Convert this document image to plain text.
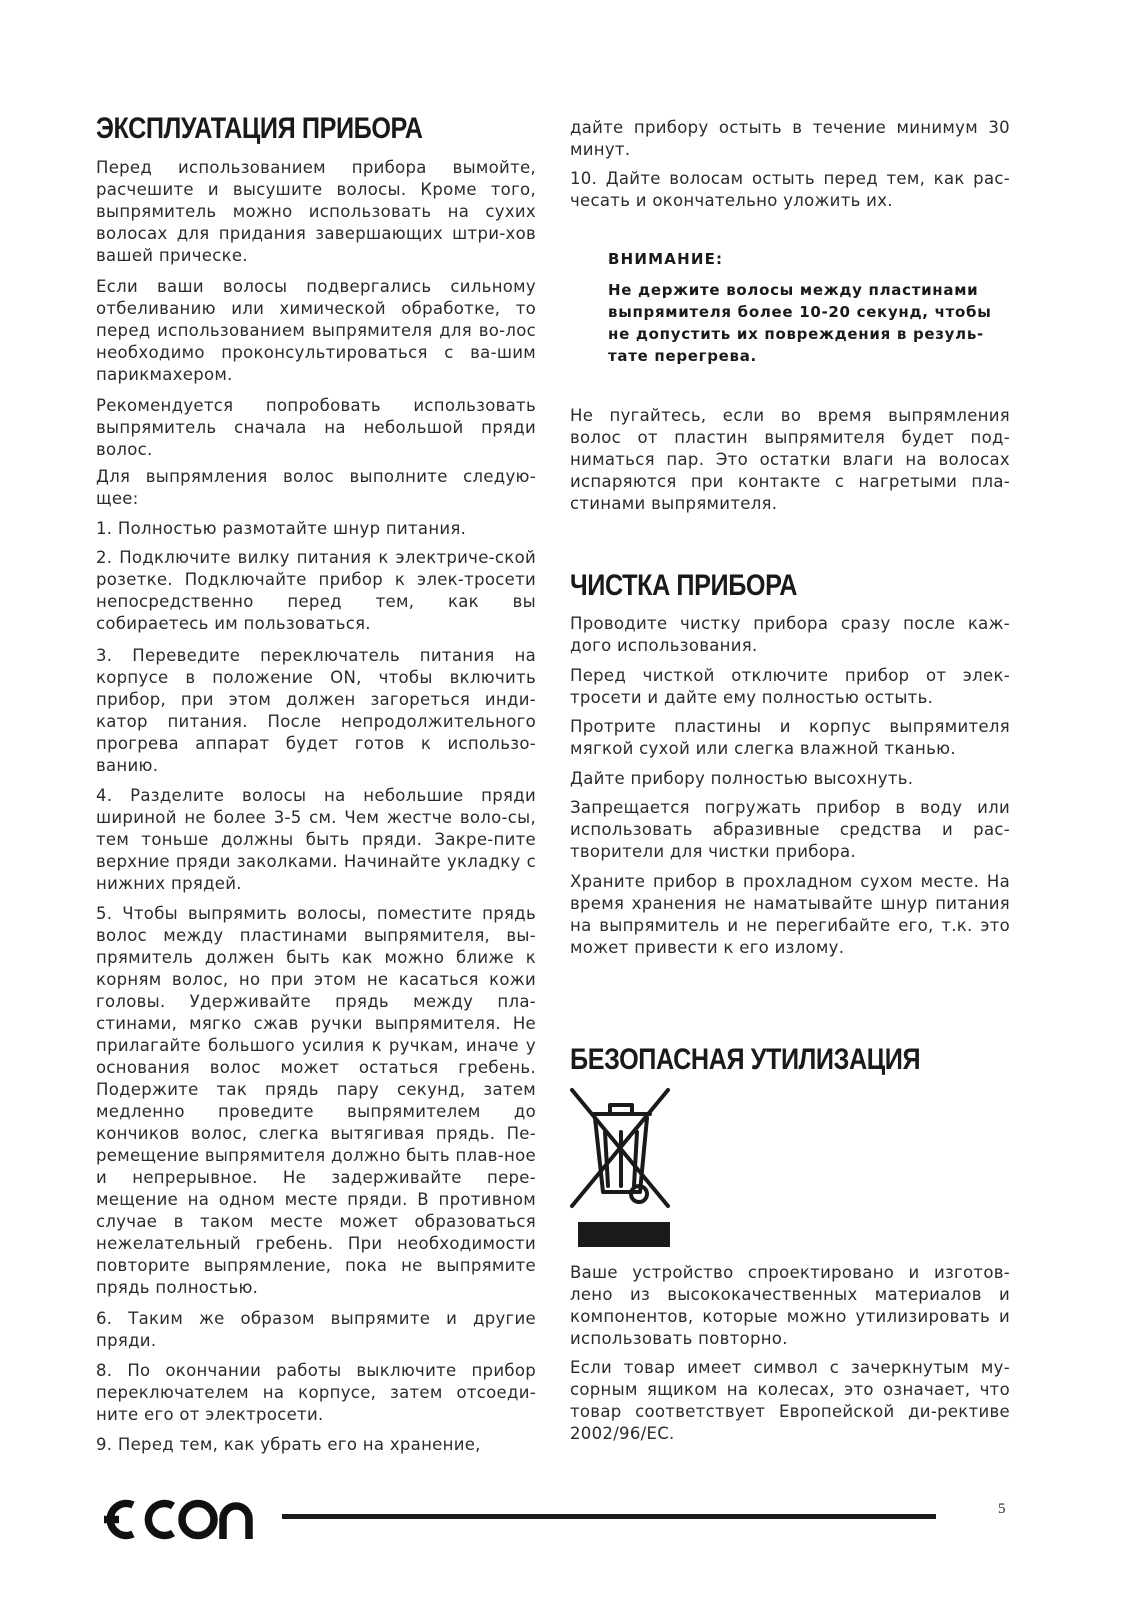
ЭКСПЛУАТАЦИЯ ПРИБОРА

Перед использованием прибора вымойте, расчешите и высушите волосы. Кроме того, выпрямитель можно использовать на сухих волосах для придания завершающих штри-хов вашей прическе.

Если ваши волосы подвергались сильному отбеливанию или химической обработке, то перед использованием выпрямителя для во-лос необходимо проконсультироваться с ва-шим парикмахером.

Рекомендуется попробовать использовать выпрямитель сначала на небольшой пряди волос.

Для выпрямления волос выполните следую-щее:

1. Полностью размотайте шнур питания.

2. Подключите вилку питания к электриче-ской розетке. Подключайте прибор к элек-тросети непосредственно перед тем, как вы собираетесь им пользоваться.

3. Переведите переключатель питания на корпусе в положение ON, чтобы включить прибор, при этом должен загореться инди-катор питания. После непродолжительного прогрева аппарат будет готов к использо-ванию.

4. Разделите волосы на небольшие пряди шириной не более 3-5 см. Чем жестче воло-сы, тем тоньше должны быть пряди. Закре-пите верхние пряди заколками. Начинайте укладку с нижних прядей.

5. Чтобы выпрямить волосы, поместите прядь волос между пластинами выпрямителя, вы-прямитель должен быть как можно ближе к корням волос, но при этом не касаться кожи головы. Удерживайте прядь между пла-стинами, мягко сжав ручки выпрямителя. Не прилагайте большого усилия к ручкам, иначе у основания волос может остаться гребень. Подержите так прядь пару секунд, затем медленно проведите выпрямителем до кончиков волос, слегка вытягивая прядь. Пе-ремещение выпрямителя должно быть плав-ное и непрерывное. Не задерживайте пере-мещение на одном месте пряди. В противном случае в таком месте может образоваться нежелательный гребень. При необходимости повторите выпрямление, пока не выпрямите прядь полностью.

6. Таким же образом выпрямите и другие пряди.

8. По окончании работы выключите прибор переключателем на корпусе, затем отсоеди-ните его от электросети.

9. Перед тем, как убрать его на хранение,

дайте прибору остыть в течение минимум 30 минут.

10. Дайте волосам остыть перед тем, как рас-чесать и окончательно уложить их.

ВНИМАНИЕ:

Не держите волосы между пластинами выпрямителя более 10-20 секунд, чтобы не допустить их повреждения в резуль-тате перегрева.

Не пугайтесь, если во время выпрямления волос от пластин выпрямителя будет под-ниматься пар. Это остатки влаги на волосах испаряются при контакте с нагретыми пла-стинами выпрямителя.

ЧИСТКА ПРИБОРА

Проводите чистку прибора сразу после каж-дого использования.

Перед чисткой отключите прибор от элек-тросети и дайте ему полностью остыть.

Протрите пластины и корпус выпрямителя мягкой сухой или слегка влажной тканью.

Дайте прибору полностью высохнуть.

Запрещается погружать прибор в воду или использовать абразивные средства и рас-творители для чистки прибора.

Храните прибор в прохладном сухом месте. На время хранения не наматывайте шнур питания на выпрямитель и не перегибайте его, т.к. это может привести к его излому.

БЕЗОПАСНАЯ УТИЛИЗАЦИЯ

Ваше устройство спроектировано и изготов-лено из высококачественных материалов и компонентов, которые можно утилизировать и использовать повторно.

Если товар имеет символ с зачеркнутым му-сорным ящиком на колесах, это означает, что товар соответствует Европейской ди-рективе 2002/96/EC.

5
